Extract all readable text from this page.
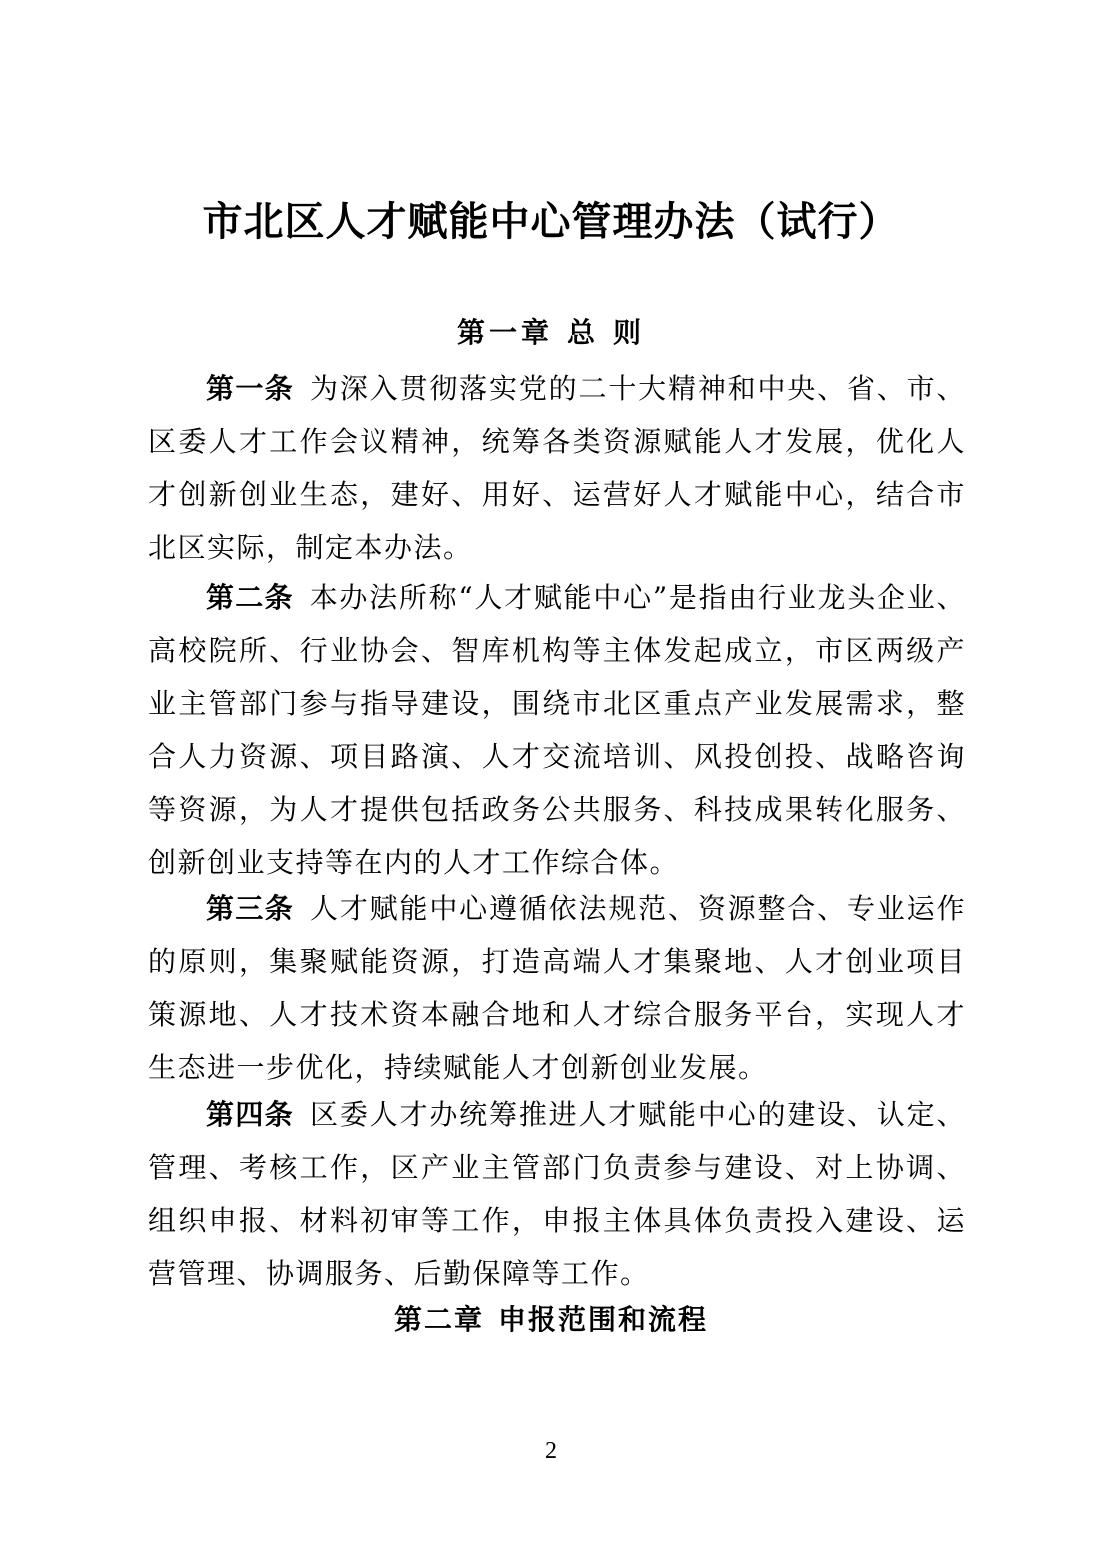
市北区人才赋能中心管理办法（试行）
第一章 总 则

第一条 为深入贯彻落实党的二十大精神和中央、省、市、区委人才工作会议精神，统筹各类资源赋能人才发展，优化人才创新创业生态，建好、用好、运营好人才赋能中心，结合市北区实际，制定本办法。

第二条 本办法所称“人才赋能中心”是指由行业龙头企业、高校院所、行业协会、智库机构等主体发起成立，市区两级产业主管部门参与指导建设，围绕市北区重点产业发展需求，整合人力资源、项目路演、人才交流培训、风投创投、战略咨询等资源，为人才提供包括政务公共服务、科技成果转化服务、创新创业支持等在内的人才工作综合体。

第三条 人才赋能中心遵循依法规范、资源整合、专业运作的原则，集聚赋能资源，打造高端人才集聚地、人才创业项目策源地、人才技术资本融合地和人才综合服务平台，实现人才生态进一步优化，持续赋能人才创新创业发展。

第四条 区委人才办统筹推进人才赋能中心的建设、认定、管理、考核工作，区产业主管部门负责参与建设、对上协调、组织申报、材料初审等工作，申报主体具体负责投入建设、运营管理、协调服务、后勤保障等工作。

第二章 申报范围和流程
2
